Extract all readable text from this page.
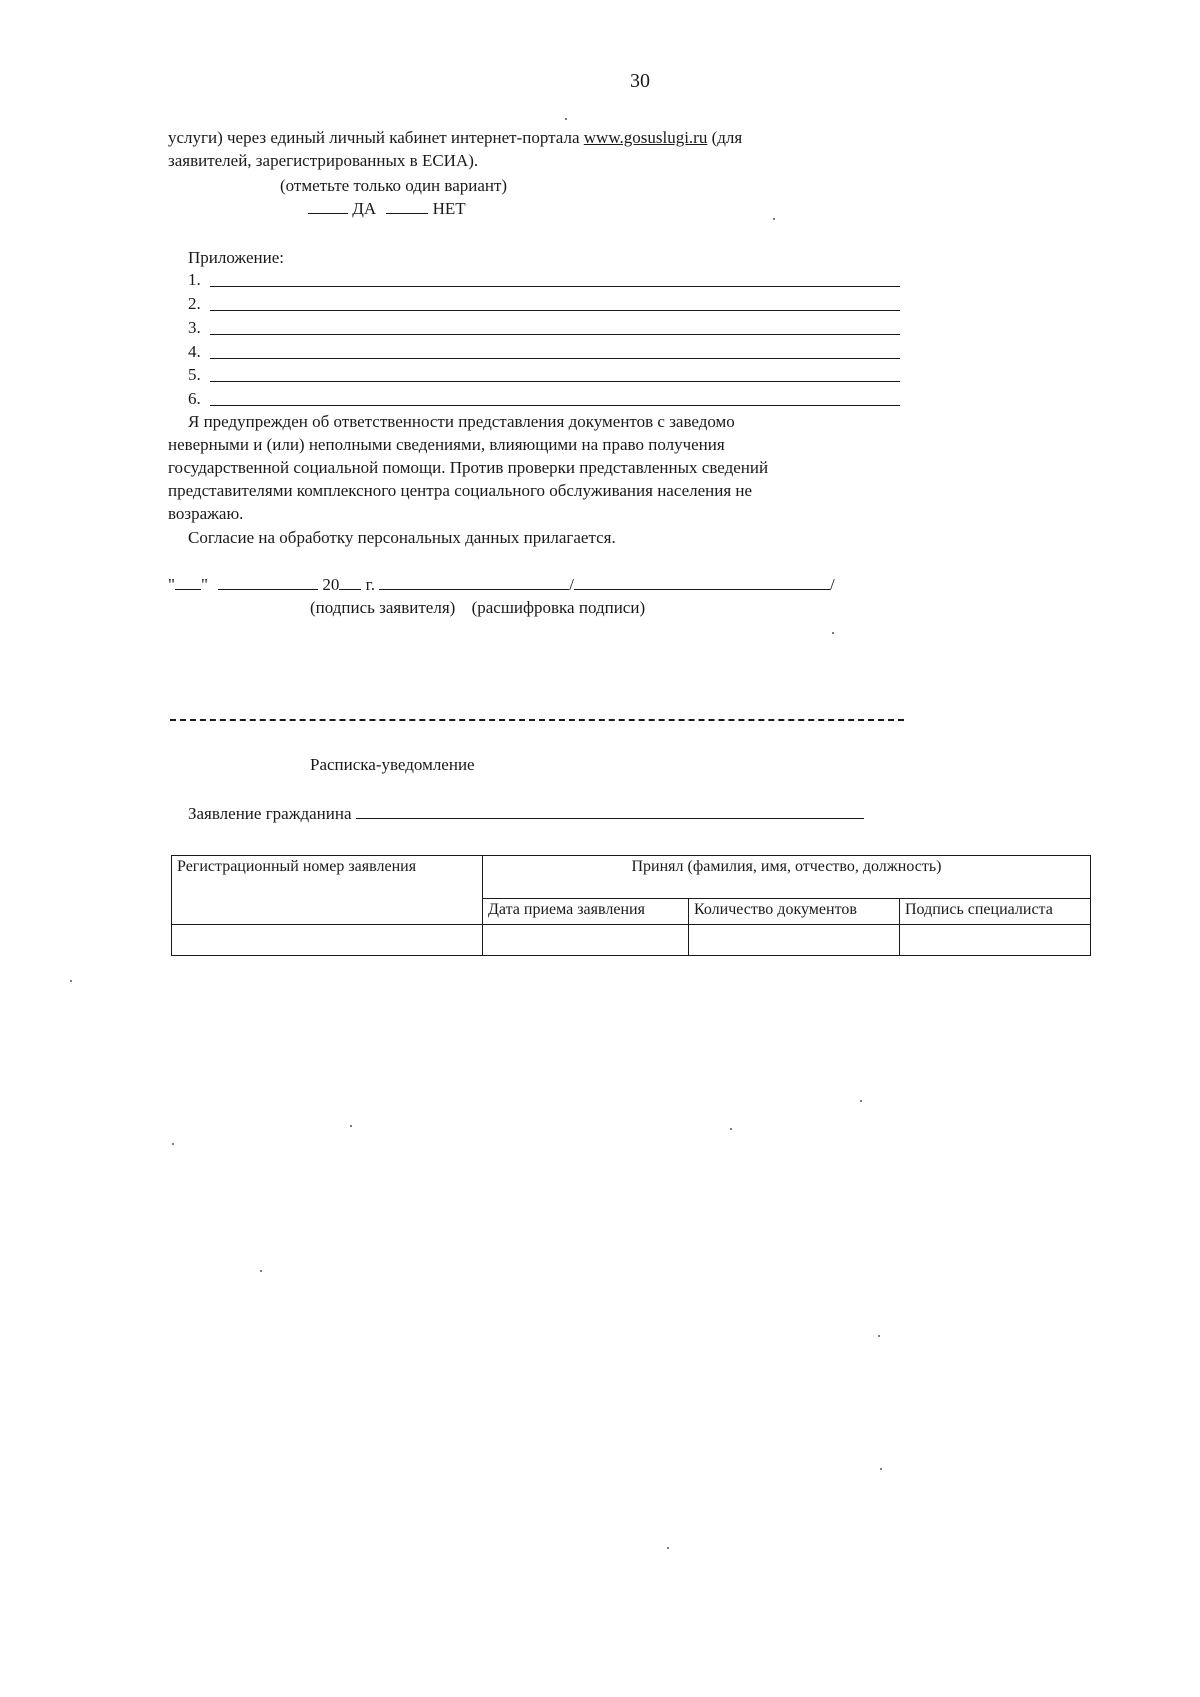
30
услуги) через единый личный кабинет интернет-портала www.gosuslugi.ru (для
заявителей, зарегистрированных в ЕСИА).
(отметьте только один вариант)
ДА	НЕТ
Приложение:
1.
2.
3.
4.
5.
6.
Я предупрежден об ответственности представления документов с заведомо
неверными и (или) неполными сведениями, влияющими на право получения
государственной социальной помощи. Против проверки представленных сведений
представителями комплексного центра социального обслуживания населения не
возражаю.
Согласие на обработку персональных данных прилагается.
" "	20 г.	/	/
(подпись заявителя) (расшифровка подписи)
Расписка-уведомление
Заявление гражданина
Регистрационный номер заявления	Принял (фамилия, имя, отчество, должность)		
	Дата приема заявления	Количество документов	Подпись специалиста
